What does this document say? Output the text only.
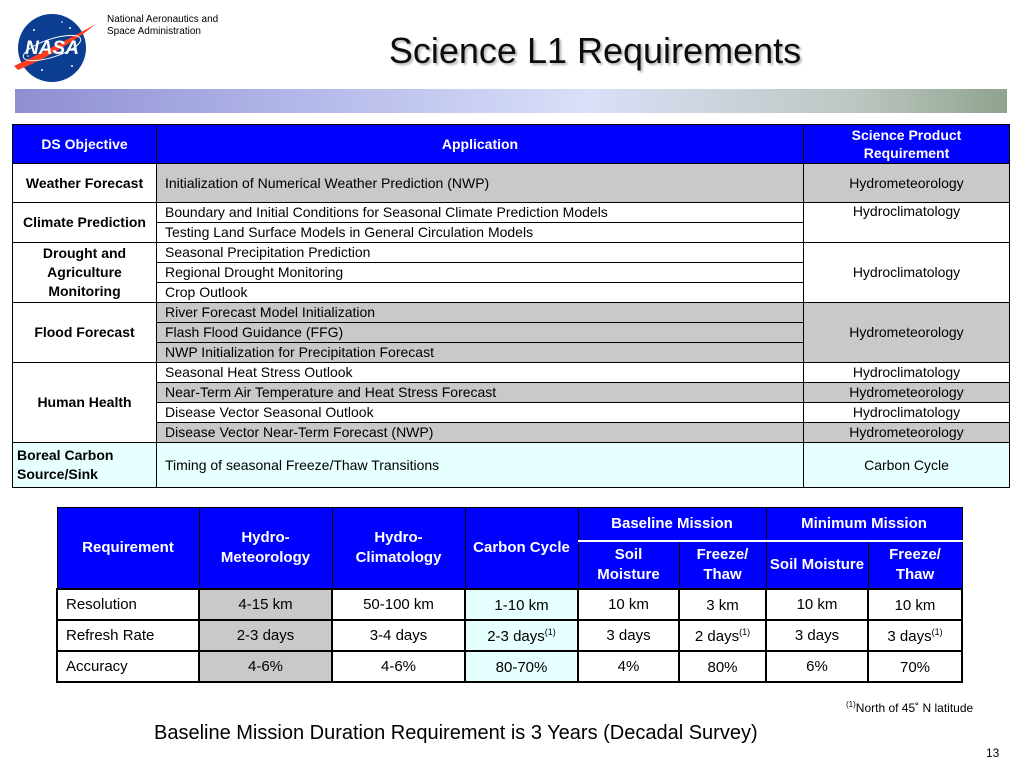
NASA
National Aeronautics and
Space Administration	Science L1 Requirements
DS Objective	Application	Science Product Requirement
Weather Forecast	Initialization of Numerical Weather Prediction (NWP)	Hydrometeorology
Climate Prediction	Boundary and Initial Conditions for Seasonal Climate Prediction Models	Hydroclimatology
	Testing Land Surface Models in General Circulation Models	
Drought and Agriculture Monitoring	Seasonal Precipitation Prediction	Hydroclimatology
	Regional Drought Monitoring	
	Crop Outlook	
Flood Forecast	River Forecast Model Initialization	Hydrometeorology
	Flash Flood Guidance (FFG)	
	NWP Initialization for Precipitation Forecast	
Human Health	Seasonal Heat Stress Outlook	Hydroclimatology
	Near-Term Air Temperature and Heat Stress Forecast	Hydrometeorology
	Disease Vector Seasonal Outlook	Hydroclimatology
	Disease Vector Near-Term Forecast (NWP)	Hydrometeorology
Boreal Carbon Source/Sink	Timing of seasonal Freeze/Thaw Transitions	Carbon Cycle
Requirement	Hydro-Meteorology	Hydro-Climatology	Carbon Cycle	Baseline Mission		Minimum Mission	
				Soil Moisture	Freeze/ Thaw	Soil Moisture	Freeze/ Thaw
Resolution	4-15 km	50-100 km	1-10 km	10 km	3 km	10 km	10 km
Refresh Rate	2-3 days	3-4 days	2-3 days$^{(1)}$	3 days	2 days$^{(1)}$	3 days	3 days$^{(1)}$
Accuracy	4-6%	4-6%	80-70%	4%	80%	6%	70%
$^{(1)}$North of 45˚ N latitude
Baseline Mission Duration Requirement is 3 Years (Decadal Survey)
13
